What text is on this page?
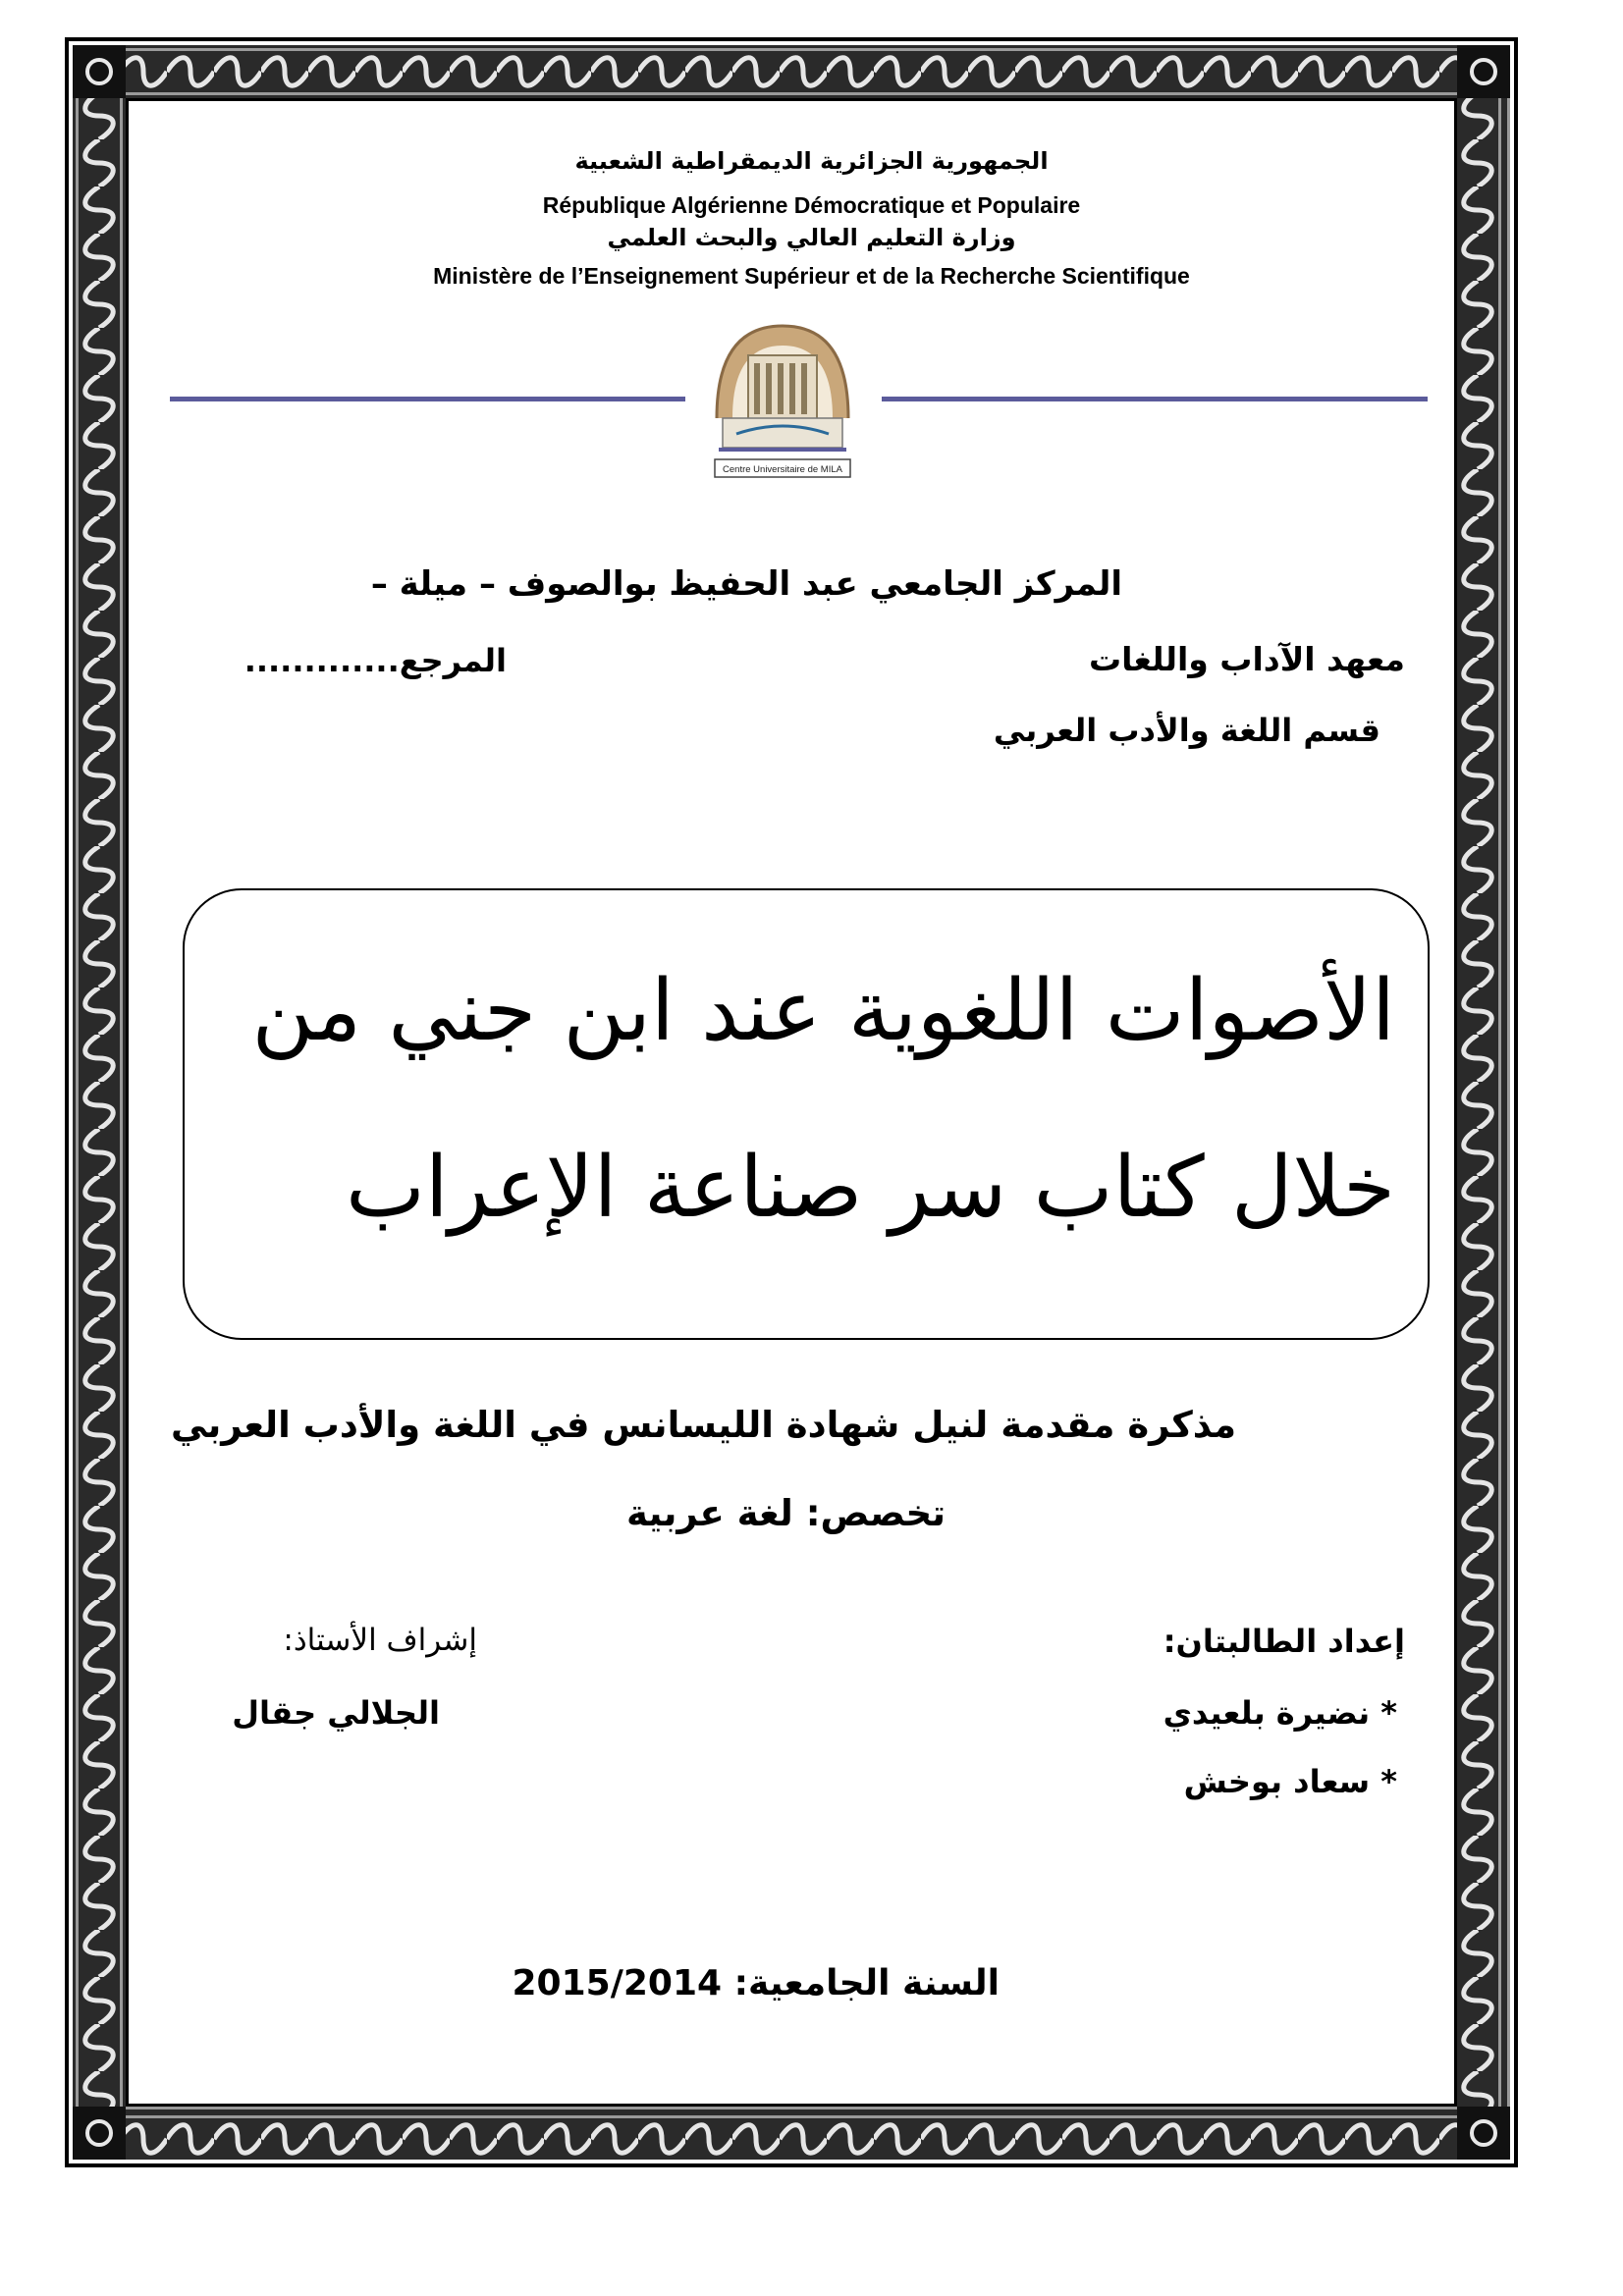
الجمهورية الجزائرية الديمقراطية الشعبية
République Algérienne Démocratique et Populaire
وزارة التعليم العالي والبحث العلمي
Ministère de l’Enseignement Supérieur et de la Recherche Scientifique
Centre Universitaire de MILA
المركز الجامعي عبد الحفيظ بوالصوف – ميلة –
معهد الآداب واللغات
المرجع.............
قسم اللغة والأدب العربي
الأصوات اللغوية عند ابن جني من
خلال كتاب سر صناعة الإعراب
مذكرة مقدمة لنيل شهادة الليسانس في اللغة والأدب العربي
تخصص: لغة عربية
إعداد الطالبتان:
* نضيرة بلعيدي
* سعاد بوخش
إشراف الأستاذ:
الجلالي جقال
السنة الجامعية: 2015/2014
